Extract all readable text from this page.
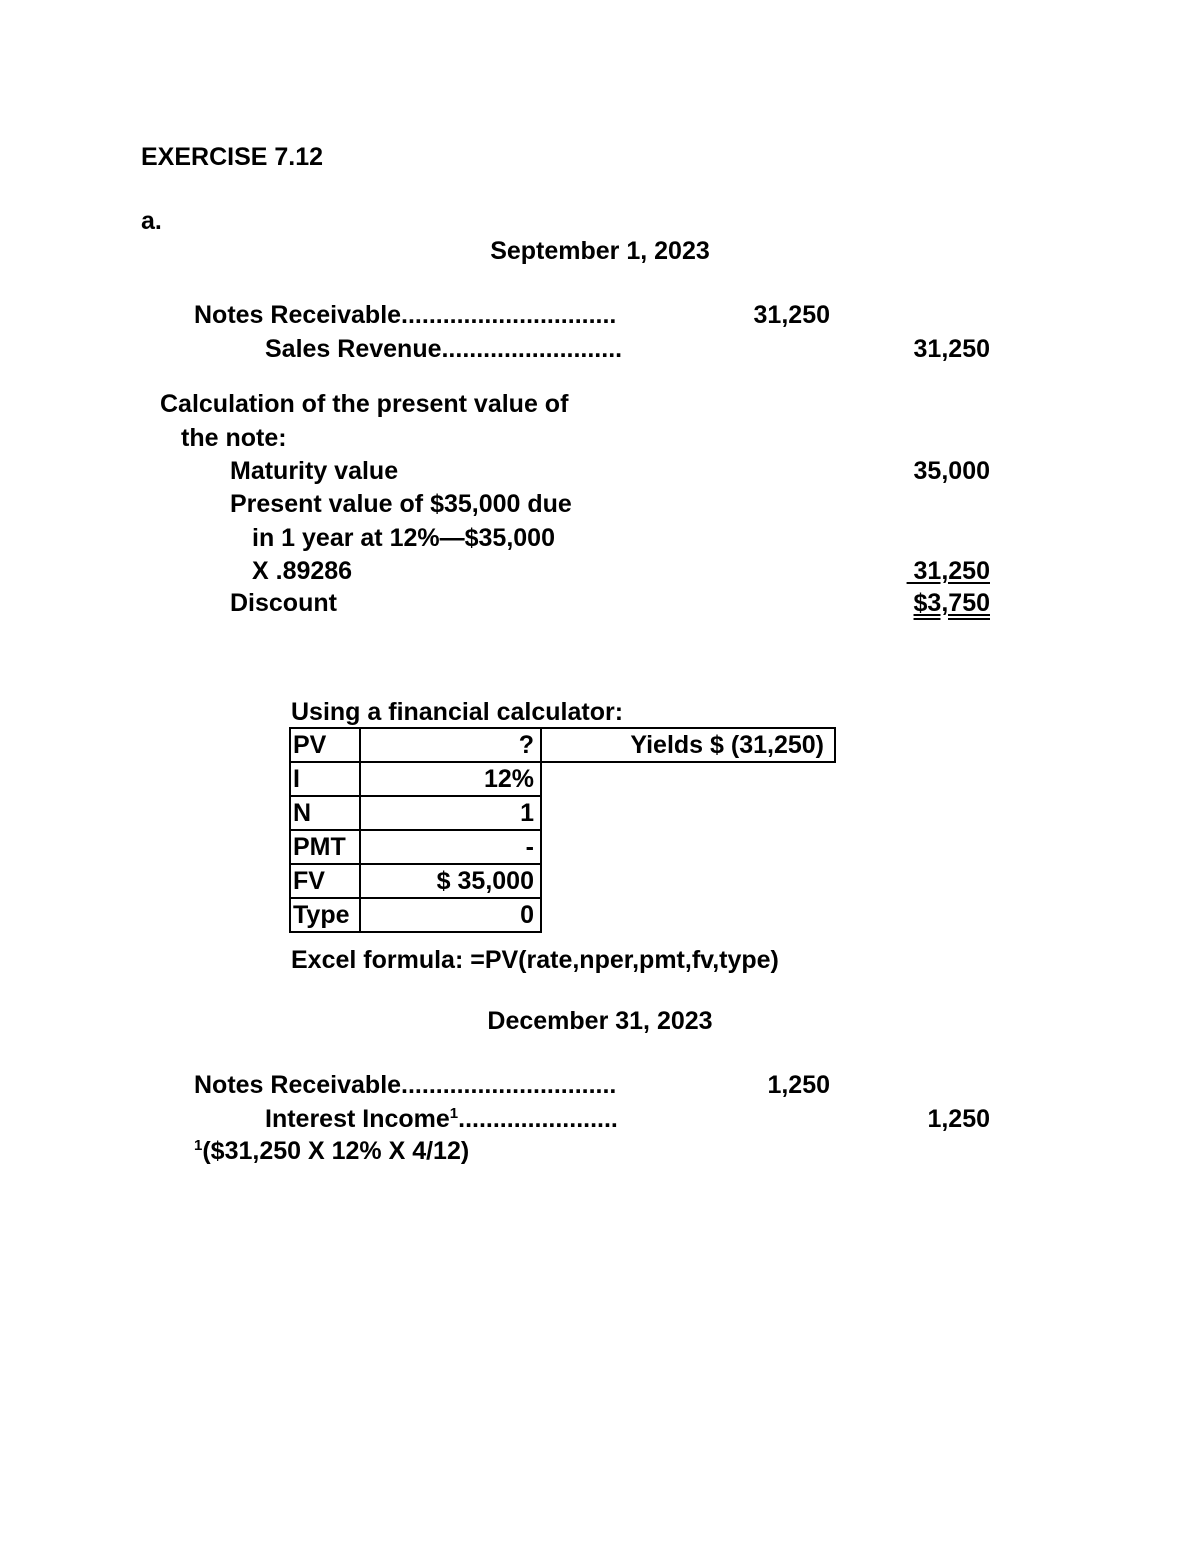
EXERCISE 7.12
a.
September 1, 2023
Notes Receivable...............................	31,250
Sales Revenue..........................	31,250
Calculation of the present value of
the note:
Maturity value	35,000
Present value of $35,000 due
in 1 year at 12%—$35,000
X .89286	31,250
Discount	$3,750
Using a financial calculator:
PV	?	Yields $ (31,250)
I	12%	
N	1	
PMT	-	
FV	$ 35,000	
Type	0	
Excel formula: =PV(rate,nper,pmt,fv,type)
December 31, 2023
Notes Receivable...............................	1,250
Interest Income$^1$.......................	1,250
$^1$($31,250 X 12% X 4/12)
